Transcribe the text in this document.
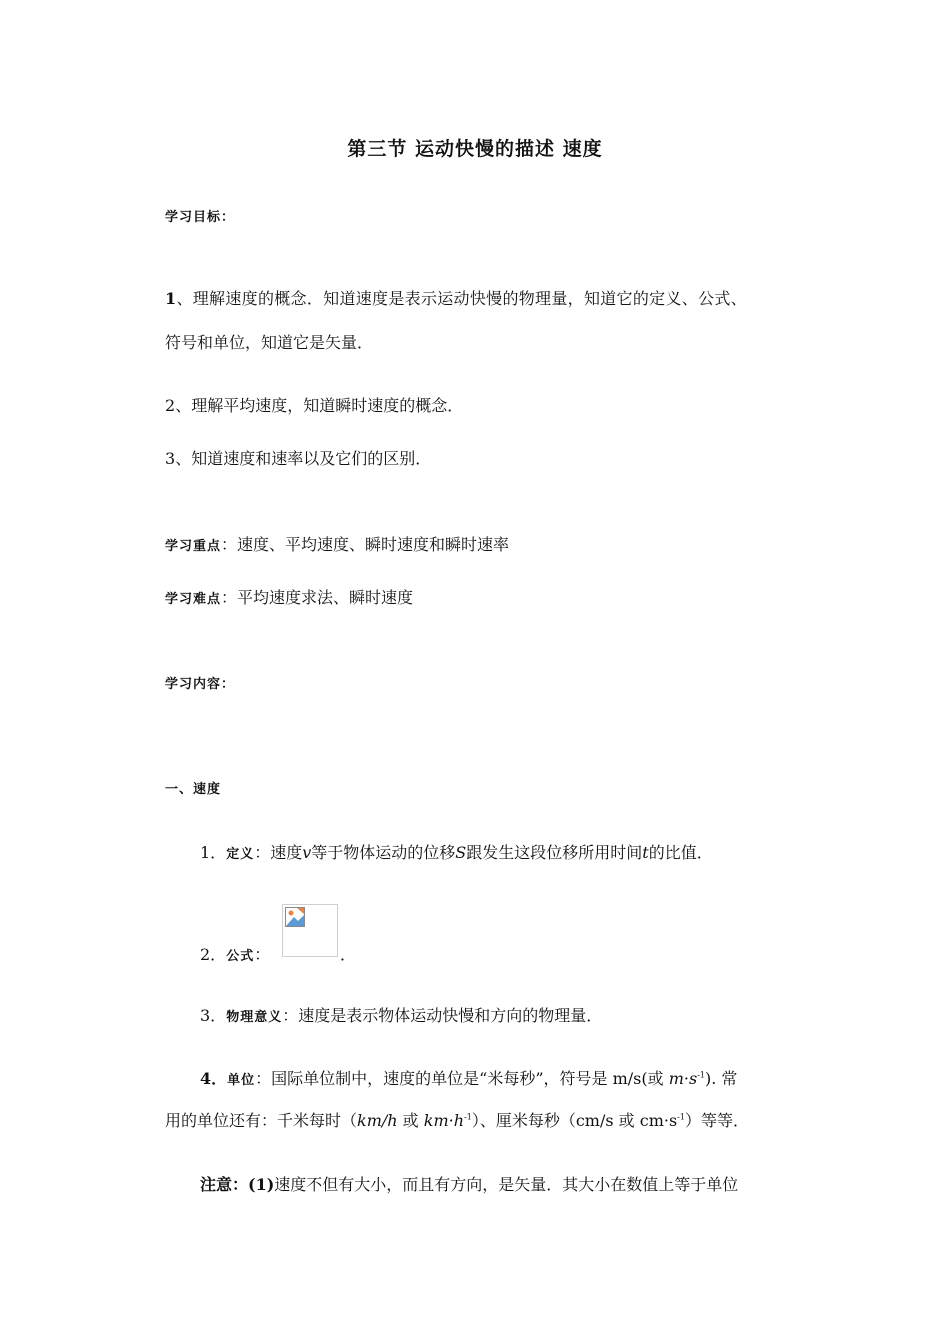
第三节 运动快慢的描述 速度
学习目标：
1、理解速度的概念．知道速度是表示运动快慢的物理量，知道它的定义、公式、
符号和单位，知道它是矢量．
2、理解平均速度，知道瞬时速度的概念．
3、知道速度和速率以及它们的区别．
学习重点：速度、平均速度、瞬时速度和瞬时速率
学习难点：平均速度求法、瞬时速度
学习内容：
一、速度
1．定义：速度v等于物体运动的位移S跟发生这段位移所用时间t的比值．
2．公式：	．
3．物理意义：速度是表示物体运动快慢和方向的物理量．
4．单位：国际单位制中，速度的单位是“米每秒”，符号是 m/s(或 $m\cdot s^{-1}$). 常
用的单位还有：千米每时（km/h 或 $km\cdot h^{-1}$）、厘米每秒（cm/s 或 $cm\cdot s^{-1}$）等等．
注意：(1)速度不但有大小，而且有方向，是矢量．其大小在数值上等于单位
